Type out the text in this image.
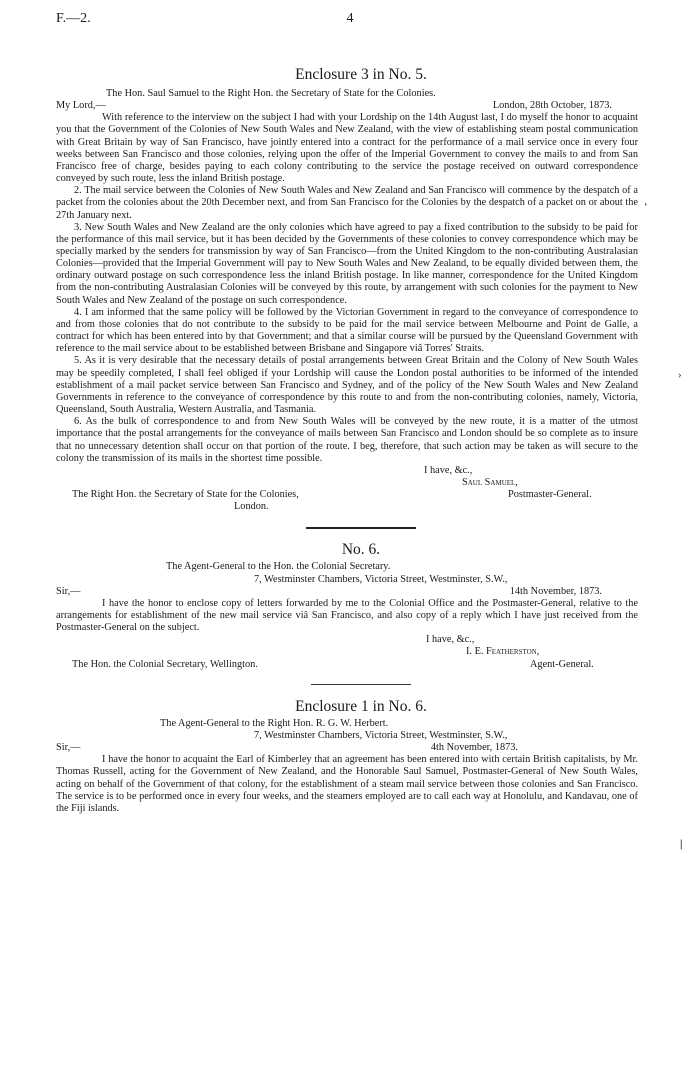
F.—2.	4
‘
›
|
Enclosure 3 in No. 5.
The Hon. Saul Samuel to the Right Hon. the Secretary of State for the Colonies.
My Lord,—	London, 28th October, 1873.

With reference to the interview on the subject I had with your Lordship on the 14th August last, I do myself the honor to acquaint you that the Government of the Colonies of New South Wales and New Zealand, with the view of establishing steam postal communication with Great Britain by way of San Francisco, have jointly entered into a contract for the performance of a mail service once in every four weeks between San Francisco and those colonies, relying upon the offer of the Imperial Government to convey the mails to and from San Francisco free of charge, besides paying to each colony contributing to the service the postage received on outward correspondence conveyed by such route, less the inland British postage.

2. The mail service between the Colonies of New South Wales and New Zealand and San Francisco will commence by the despatch of a packet from the colonies about the 20th December next, and from San Francisco for the Colonies by the despatch of a packet on or about the 27th January next.

3. New South Wales and New Zealand are the only colonies which have agreed to pay a fixed contribution to the subsidy to be paid for the performance of this mail service, but it has been decided by the Governments of these colonies to convey correspondence which may be specially marked by the senders for transmission by way of San Francisco—from the United Kingdom to the non-contributing Australasian Colonies—provided that the Imperial Government will pay to New South Wales and New Zealand, to be equally divided between them, the ordinary outward postage on such correspondence less the inland British postage. In like manner, correspondence for the United Kingdom from the non-contributing Australasian Colonies will be conveyed by this route, by arrangement with such colonies for the payment to New South Wales and New Zealand of the postage on such correspondence.

4. I am informed that the same policy will be followed by the Victorian Government in regard to the conveyance of correspondence to and from those colonies that do not contribute to the subsidy to be paid for the mail service between Melbourne and Point de Galle, a contract for which has been entered into by that Government; and that a similar course will be pursued by the Queensland Government with reference to the mail service about to be established between Brisbane and Singapore viâ Torres' Straits.

5. As it is very desirable that the necessary details of postal arrangements between Great Britain and the Colony of New South Wales may be speedily completed, I shall feel obliged if your Lordship will cause the London postal authorities to be informed of the intended establishment of a mail packet service between San Francisco and Sydney, and of the policy of the New South Wales and New Zealand Governments in reference to the conveyance of correspondence by this route to and from the non-contributing colonies, namely, Victoria, Queensland, South Australia, Western Australia, and Tasmania.

6. As the bulk of correspondence to and from New South Wales will be conveyed by the new route, it is a matter of the utmost importance that the postal arrangements for the conveyance of mails between San Francisco and London should be so complete as to insure that no unnecessary detention shall occur on that portion of the route. I beg, therefore, that such action may be taken as will secure to the colony the transmission of its mails in the shortest time possible.

I have, &c.,
Saul Samuel,
The Right Hon. the Secretary of State for the Colonies,	Postmaster-General.
London.
No. 6.
The Agent-General to the Hon. the Colonial Secretary.
7, Westminster Chambers, Victoria Street, Westminster, S.W.,
Sir,—	14th November, 1873.

I have the honor to enclose copy of letters forwarded by me to the Colonial Office and the Postmaster-General, relative to the arrangements for establishment of the new mail service viâ San Francisco, and also copy of a reply which I have just received from the Postmaster-General on the subject.

I have, &c.,
I. E. Featherston,
The Hon. the Colonial Secretary, Wellington.	Agent-General.
Enclosure 1 in No. 6.
The Agent-General to the Right Hon. R. G. W. Herbert.
7, Westminster Chambers, Victoria Street, Westminster, S.W.,
Sir,—	4th November, 1873.

I have the honor to acquaint the Earl of Kimberley that an agreement has been entered into with certain British capitalists, by Mr. Thomas Russell, acting for the Government of New Zealand, and the Honorable Saul Samuel, Postmaster-General of New South Wales, acting on behalf of the Government of that colony, for the establishment of a steam mail service between those colonies and San Francisco. The service is to be performed once in every four weeks, and the steamers employed are to call each way at Honolulu, and Kandavau, one of the Fiji islands.
